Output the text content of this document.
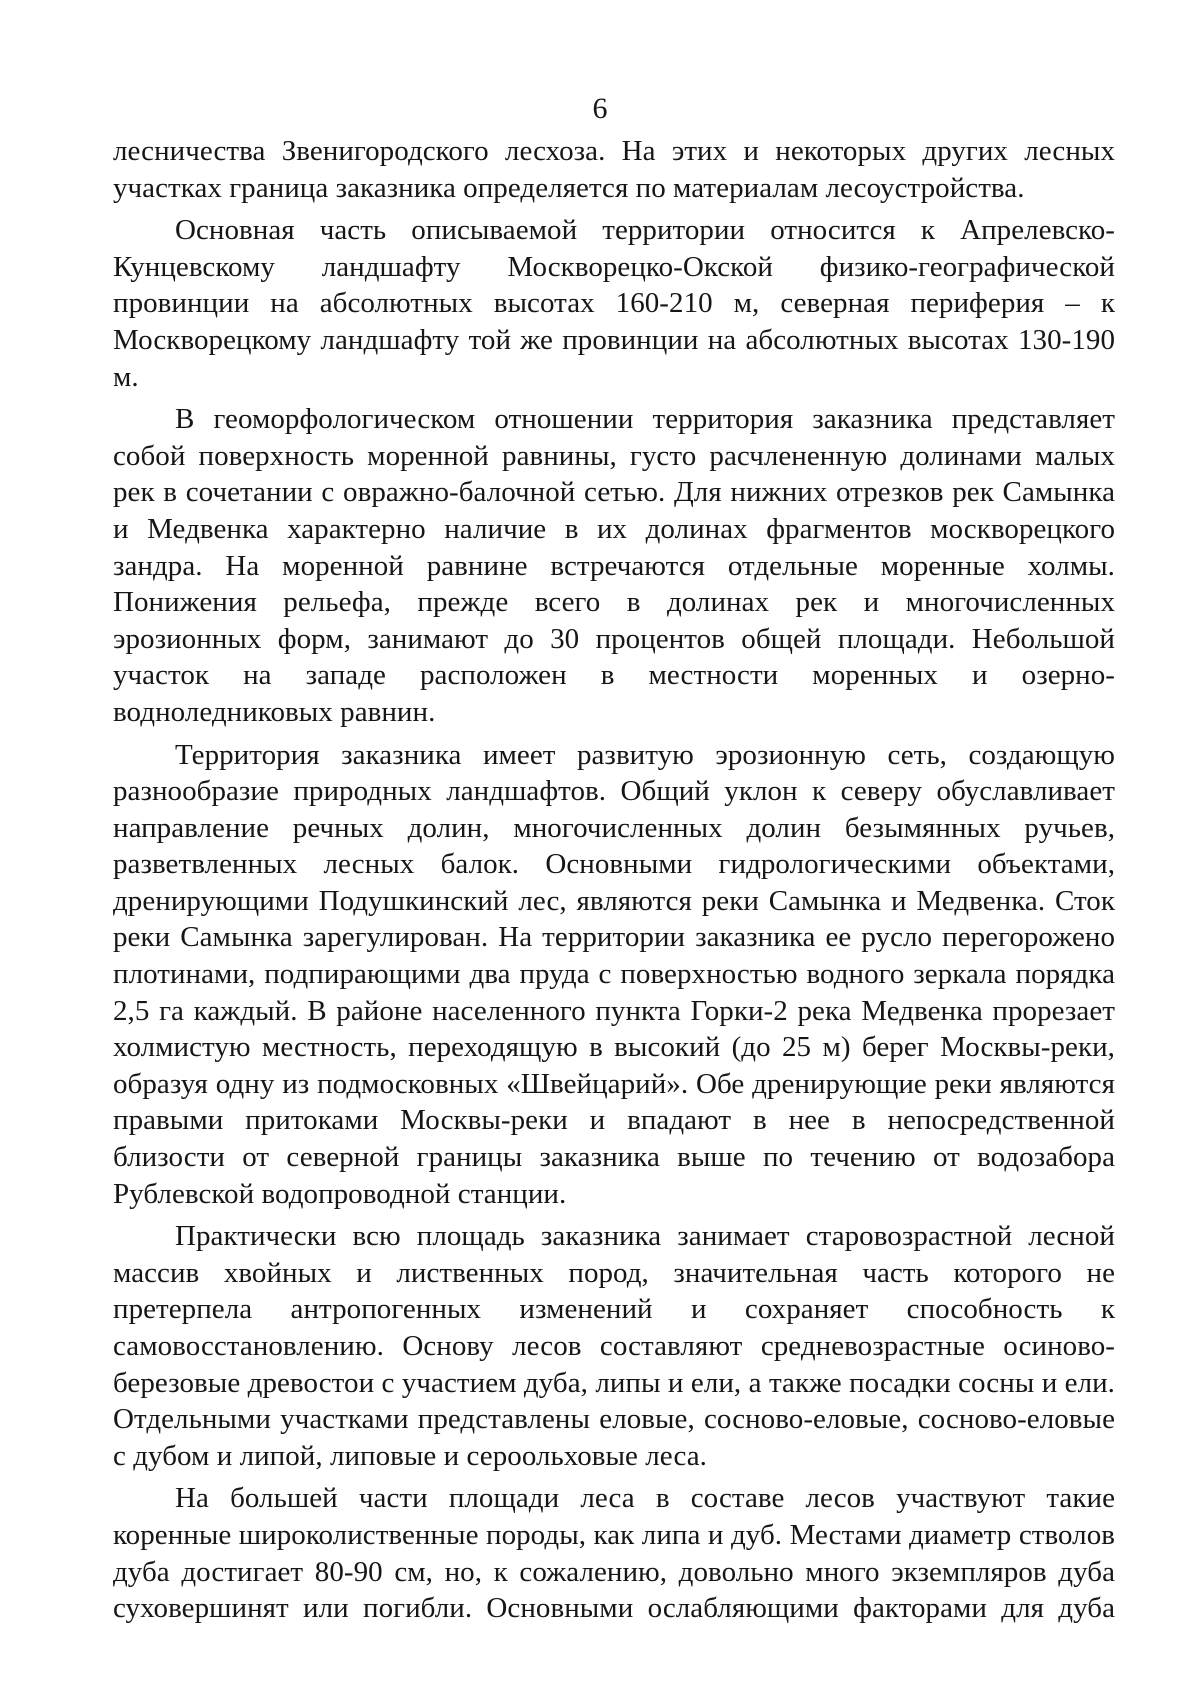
6

лесничества Звенигородского лесхоза. На этих и некоторых других лесных участках граница заказника определяется по материалам лесоустройства.

Основная часть описываемой территории относится к Апрелевско-Кунцевскому ландшафту Москворецко-Окской физико-географической провинции на абсолютных высотах 160-210 м, северная периферия – к Москворецкому ландшафту той же провинции на абсолютных высотах 130-190 м.

В геоморфологическом отношении территория заказника представляет собой поверхность моренной равнины, густо расчлененную долинами малых рек в сочетании с овражно-балочной сетью. Для нижних отрезков рек Самынка и Медвенка характерно наличие в их долинах фрагментов москворецкого зандра. На моренной равнине встречаются отдельные моренные холмы. Понижения рельефа, прежде всего в долинах рек и многочисленных эрозионных форм, занимают до 30 процентов общей площади. Небольшой участок на западе расположен в местности моренных и озерно-водноледниковых равнин.

Территория заказника имеет развитую эрозионную сеть, создающую разнообразие природных ландшафтов. Общий уклон к северу обуславливает направление речных долин, многочисленных долин безымянных ручьев, разветвленных лесных балок. Основными гидрологическими объектами, дренирующими Подушкинский лес, являются реки Самынка и Медвенка. Сток реки Самынка зарегулирован. На территории заказника ее русло перегорожено плотинами, подпирающими два пруда с поверхностью водного зеркала порядка 2,5 га каждый. В районе населенного пункта Горки-2 река Медвенка прорезает холмистую местность, переходящую в высокий (до 25 м) берег Москвы-реки, образуя одну из подмосковных «Швейцарий». Обе дренирующие реки являются правыми притоками Москвы-реки и впадают в нее в непосредственной близости от северной границы заказника выше по течению от водозабора Рублевской водопроводной станции.

Практически всю площадь заказника занимает старовозрастной лесной массив хвойных и лиственных пород, значительная часть которого не претерпела антропогенных изменений и сохраняет способность к самовосстановлению. Основу лесов составляют средневозрастные осиново-березовые древостои с участием дуба, липы и ели, а также посадки сосны и ели. Отдельными участками представлены еловые, сосново-еловые, сосново-еловые с дубом и липой, липовые и сероольховые леса.

На большей части площади леса в составе лесов участвуют такие коренные широколиственные породы, как липа и дуб. Местами диаметр стволов дуба достигает 80-90 см, но, к сожалению, довольно много экземпляров дуба суховершинят или погибли. Основными ослабляющими факторами для дуба
